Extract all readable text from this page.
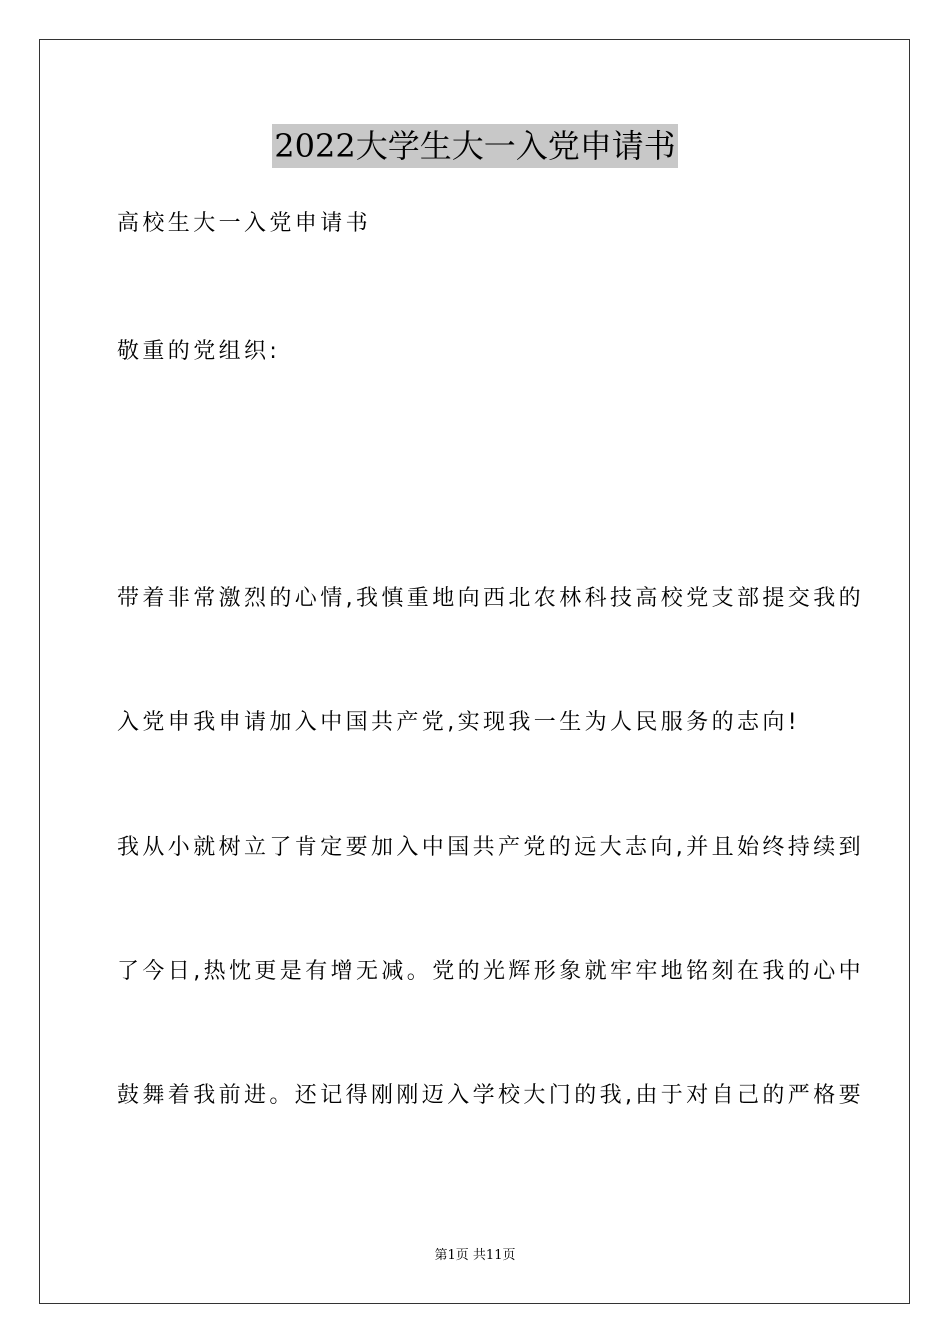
2022大学生大一入党申请书

高校生大一入党申请书

敬重的党组织:

带着非常激烈的心情,我慎重地向西北农林科技高校党支部提交我的

入党申我申请加入中国共产党,实现我一生为人民服务的志向!

我从小就树立了肯定要加入中国共产党的远大志向,并且始终持续到

了今日,热忱更是有增无减。党的光辉形象就牢牢地铭刻在我的心中

鼓舞着我前进。还记得刚刚迈入学校大门的我,由于对自己的严格要

第1页 共11页
